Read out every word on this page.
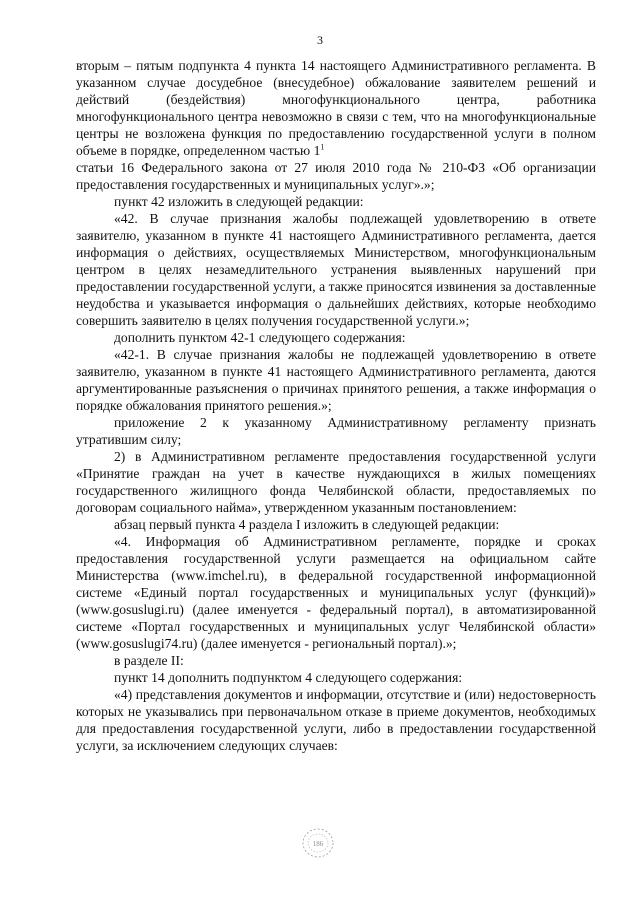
3

вторым – пятым подпункта 4 пункта 14 настоящего Административного регламента. В указанном случае досудебное (внесудебное) обжалование заявителем решений и действий (бездействия) многофункционального центра, работника многофункционального центра невозможно в связи с тем, что на многофункциональные центры не возложена функция по предоставлению государственной услуги в полном объеме в порядке, определенном частью $1^1$

статьи 16 Федерального закона от 27 июля 2010 года № 210-ФЗ «Об организации предоставления государственных и муниципальных услуг».»;

пункт 42 изложить в следующей редакции:

«42. В случае признания жалобы подлежащей удовлетворению в ответе заявителю, указанном в пункте 41 настоящего Административного регламента, дается информация о действиях, осуществляемых Министерством, многофункциональным центром в целях незамедлительного устранения выявленных нарушений при предоставлении государственной услуги, а также приносятся извинения за доставленные неудобства и указывается информация о дальнейших действиях, которые необходимо совершить заявителю в целях получения государственной услуги.»;

дополнить пунктом 42-1 следующего содержания:

«42-1. В случае признания жалобы не подлежащей удовлетворению в ответе заявителю, указанном в пункте 41 настоящего Административного регламента, даются аргументированные разъяснения о причинах принятого решения, а также информация о порядке обжалования принятого решения.»;

приложение 2 к указанному Административному регламенту признать утратившим силу;

2) в Административном регламенте предоставления государственной услуги «Принятие граждан на учет в качестве нуждающихся в жилых помещениях государственного жилищного фонда Челябинской области, предоставляемых по договорам социального найма», утвержденном указанным постановлением:

абзац первый пункта 4 раздела I изложить в следующей редакции:

«4. Информация об Административном регламенте, порядке и сроках предоставления государственной услуги размещается на официальном сайте Министерства (www.imchel.ru), в федеральной государственной информационной системе «Единый портал государственных и муниципальных услуг (функций)» (www.gosuslugi.ru) (далее именуется - федеральный портал), в автоматизированной системе «Портал государственных и муниципальных услуг Челябинской области» (www.gosuslugi74.ru) (далее именуется - региональный портал).»;

в разделе II:

пункт 14 дополнить подпунктом 4 следующего содержания:

«4) представления документов и информации, отсутствие и (или) недостоверность которых не указывались при первоначальном отказе в приеме документов, необходимых для предоставления государственной услуги, либо в предоставлении государственной услуги, за исключением следующих случаев:

186
